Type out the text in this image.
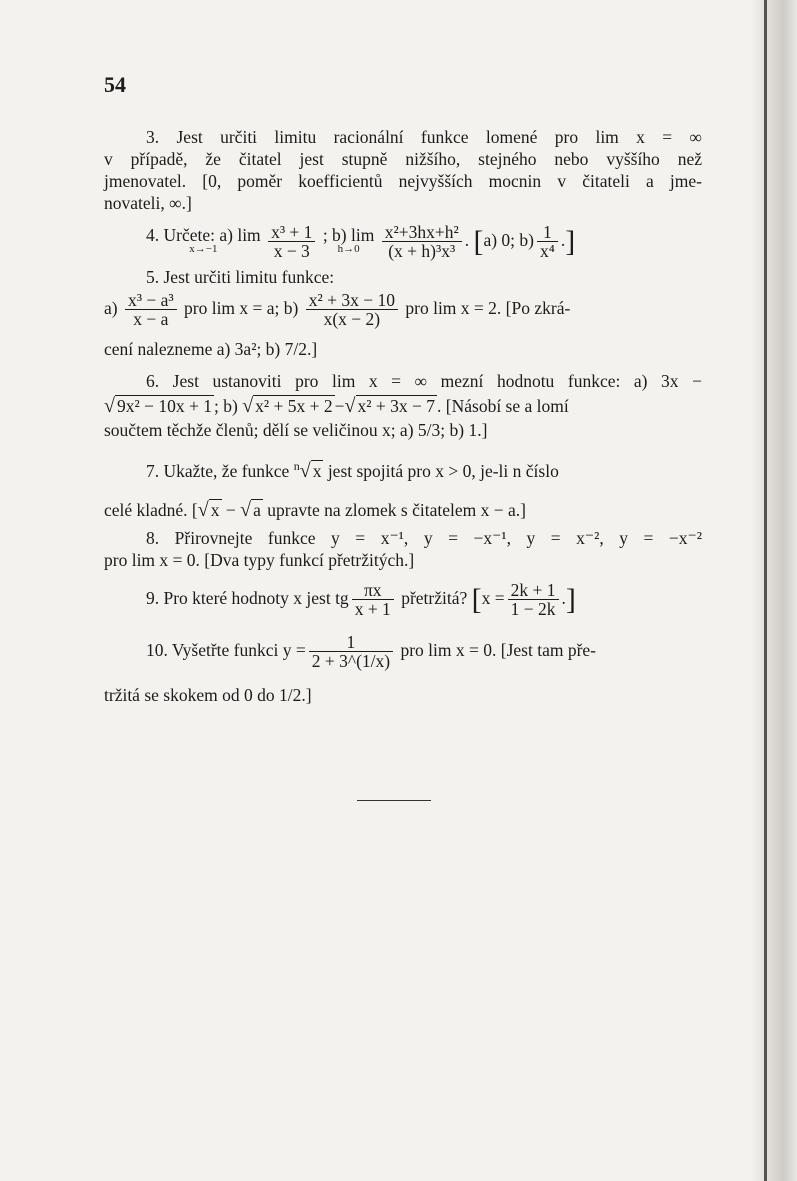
54
3. Jest určiti limitu racionální funkce lomené pro lim x = ∞
v případě, že čitatel jest stupně nižšího, stejného nebo vyššího než
jmenovatel. [0, poměr koefficientů nejvyšších mocnin v čitateli a jme-
novateli, ∞.]
4. Určete: a) lim
x→−1
	$\frac{\text{x³ + 1}}{x - 3}$ ; b) lim
h→0
	$\frac{\text{x²+3hx+h²}}{\text{(x + h)³x³}}$ . [a) 0; $b) \frac{1}{\text{x⁴}}$ .]
5. Jest určiti limitu funkce:
$a) \frac{\text{x³ − a³}}{x - a}$ pro lim x = a; $b) \frac{\text{x² + 3x − 10}}{x(x - 2)}$ pro lim x = 2. [Po zkrá-
cení nalezneme a) 3a²; b) 7/2.]
6. Jest ustanoviti pro lim x = ∞ mezní hodnotu funkce: a) 3x −
√ 9x² − 10x + 1 ; b) √ x² + 5x + 2 −√ x² + 3x − 7 . [Násobí se a lomí
součtem těchže členů; dělí se veličinou x; a) 5/3; b) 1.]
7. Ukažte, že funkce $^n$√ x jest spojitá pro x > 0, je-li n číslo
celé kladné. [√ x − √ a upravte na zlomek s čitatelem x − a.]
8. Přirovnejte funkce y = x⁻¹, y = −x⁻¹, y = x⁻², y = −x⁻²
pro lim x = 0. [Dva typy funkcí přetržitých.]
9. Pro které hodnoty x jest tg $\frac{\pi x}{x + 1}$ přetržitá? [$x = \frac{2k + 1}{1 - 2k}$ .]
10. Vyšetřte funkci $y = \frac{1}{2 + 3\^{}(1/x)}$ pro lim x = 0. [Jest tam pře-
tržitá se skokem od 0 do 1/2.]
